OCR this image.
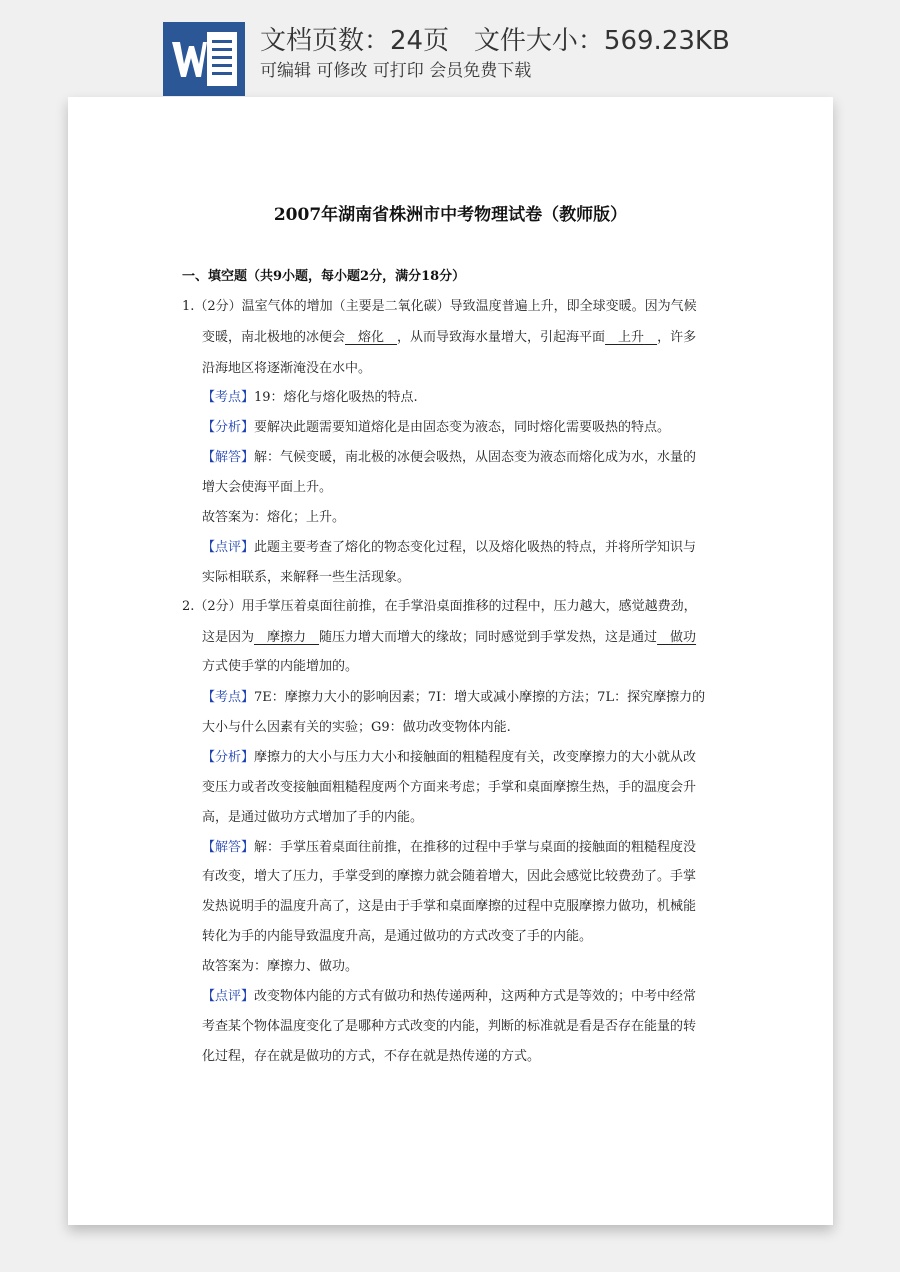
文档页数：24页 文件大小：569.23KB
可编辑 可修改 可打印 会员免费下载
2007年湖南省株洲市中考物理试卷（教师版）
一、填空题（共9小题，每小题2分，满分18分）
1.（2分）温室气体的增加（主要是二氧化碳）导致温度普遍上升，即全球变暖。因为气候
变暖，南北极地的冰便会   熔化   ，从而导致海水量增大，引起海平面   上升   ，许多
沿海地区将逐渐淹没在水中。
【考点】19：熔化与熔化吸热的特点.
【分析】要解决此题需要知道熔化是由固态变为液态，同时熔化需要吸热的特点。
【解答】解：气候变暖，南北极的冰便会吸热，从固态变为液态而熔化成为水，水量的
增大会使海平面上升。
故答案为：熔化；上升。
【点评】此题主要考查了熔化的物态变化过程，以及熔化吸热的特点，并将所学知识与
实际相联系，来解释一些生活现象。
2.（2分）用手掌压着桌面往前推，在手掌沿桌面推移的过程中，压力越大，感觉越费劲，
这是因为   摩擦力   随压力增大而增大的缘故；同时感觉到手掌发热，这是通过   做功
方式使手掌的内能增加的。
【考点】7E：摩擦力大小的影响因素；7I：增大或减小摩擦的方法；7L：探究摩擦力的
大小与什么因素有关的实验；G9：做功改变物体内能.
【分析】摩擦力的大小与压力大小和接触面的粗糙程度有关，改变摩擦力的大小就从改
变压力或者改变接触面粗糙程度两个方面来考虑；手掌和桌面摩擦生热，手的温度会升
高，是通过做功方式增加了手的内能。
【解答】解：手掌压着桌面往前推，在推移的过程中手掌与桌面的接触面的粗糙程度没
有改变，增大了压力，手掌受到的摩擦力就会随着增大，因此会感觉比较费劲了。手掌
发热说明手的温度升高了，这是由于手掌和桌面摩擦的过程中克服摩擦力做功，机械能
转化为手的内能导致温度升高，是通过做功的方式改变了手的内能。
故答案为：摩擦力、做功。
【点评】改变物体内能的方式有做功和热传递两种，这两种方式是等效的；中考中经常
考查某个物体温度变化了是哪种方式改变的内能，判断的标准就是看是否存在能量的转
化过程，存在就是做功的方式，不存在就是热传递的方式。
